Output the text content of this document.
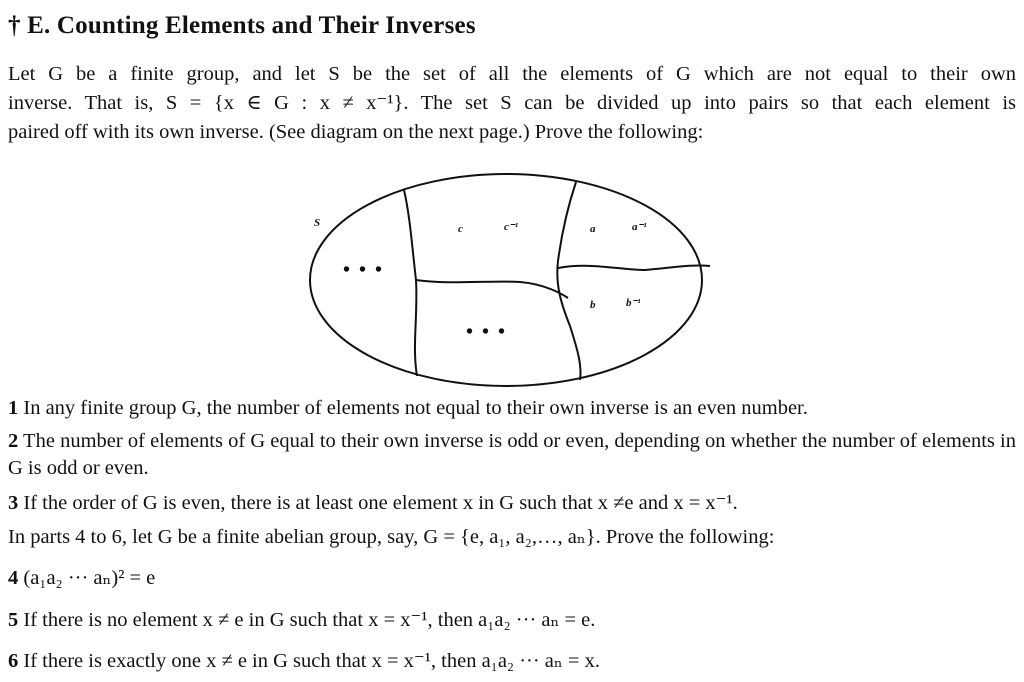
† E. Counting Elements and Their Inverses
Let G be a finite group, and let S be the set of all the elements of G which are not equal to their own
inverse. That is, S = {x ∈ G : x ≠ x⁻¹}. The set S can be divided up into pairs so that each element is
paired off with its own inverse. (See diagram on the next page.) Prove the following:
S	c	c⁻¹	a	a⁻¹
b	b⁻¹
• • •
• • •
1 In any finite group G, the number of elements not equal to their own inverse is an even number.
2 The number of elements of G equal to their own inverse is odd or even, depending on whether the number of elements in G is odd or even.
3 If the order of G is even, there is at least one element x in G such that x ≠e and x = x⁻¹.
In parts 4 to 6, let G be a finite abelian group, say, G = {e, a₁, a₂,…, aₙ}. Prove the following:
4 (a₁a₂ ··· aₙ)² = e
5 If there is no element x ≠ e in G such that x = x⁻¹, then a₁a₂ ··· aₙ = e.
6 If there is exactly one x ≠ e in G such that x = x⁻¹, then a₁a₂ ··· aₙ = x.
